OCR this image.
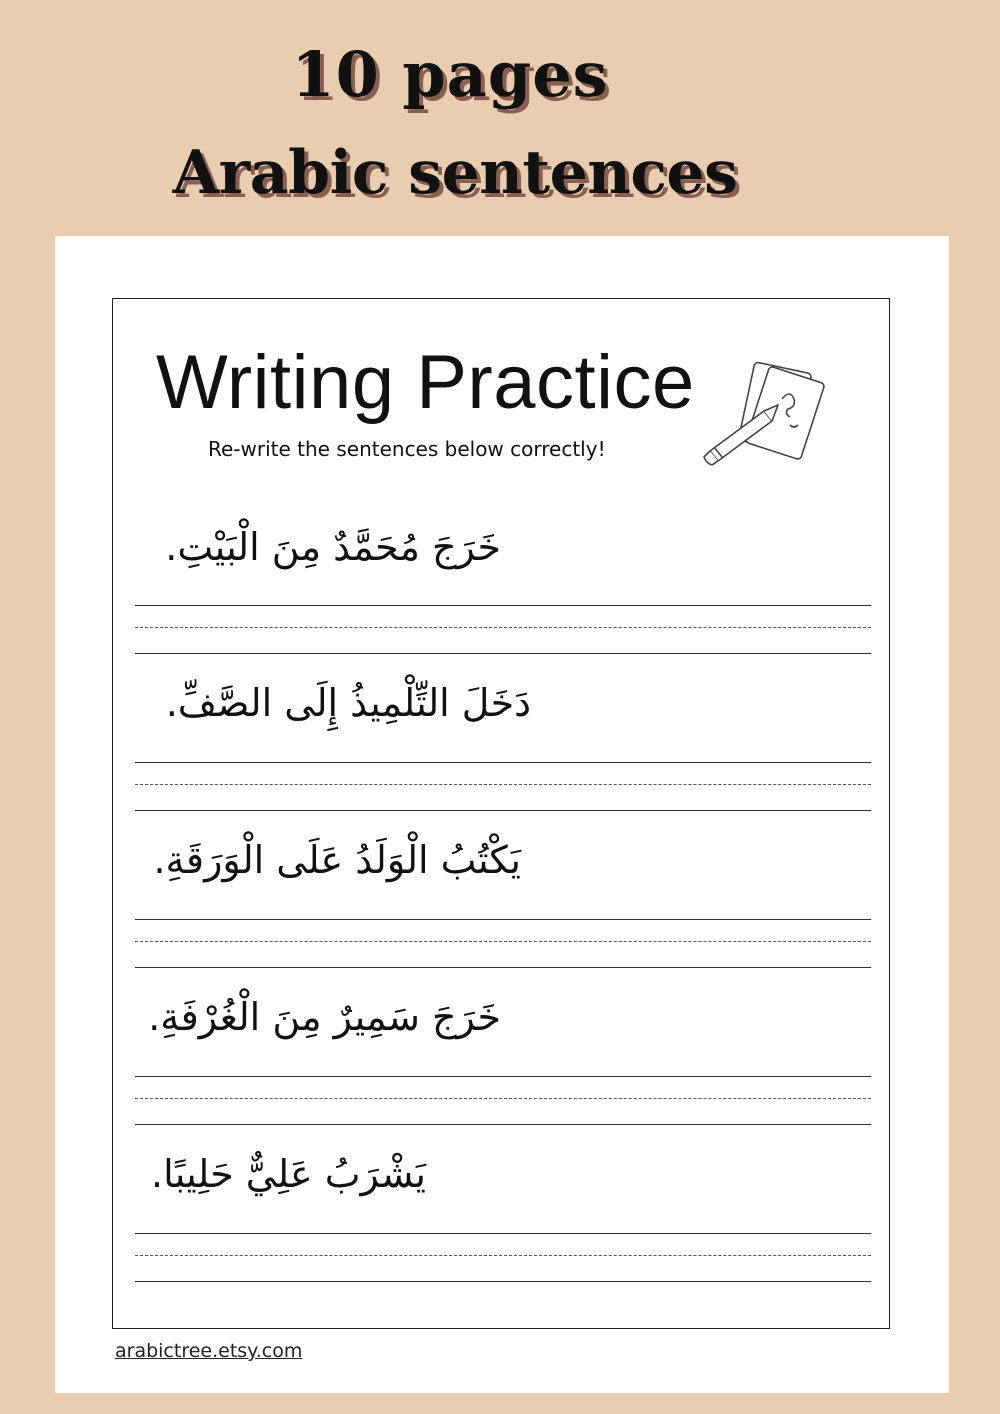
10 pages
Arabic sentences
Writing Practice
Re-write the sentences below correctly!
خَرَجَ مُحَمَّدٌ مِنَ الْبَيْتِ.
دَخَلَ التِّلْمِيذُ إِلَى الصَّفِّ.
يَكْتُبُ الْوَلَدُ عَلَى الْوَرَقَةِ.
خَرَجَ سَمِيرٌ مِنَ الْغُرْفَةِ.
يَشْرَبُ عَلِيٌّ حَلِيبًا.
arabictree.etsy.com
